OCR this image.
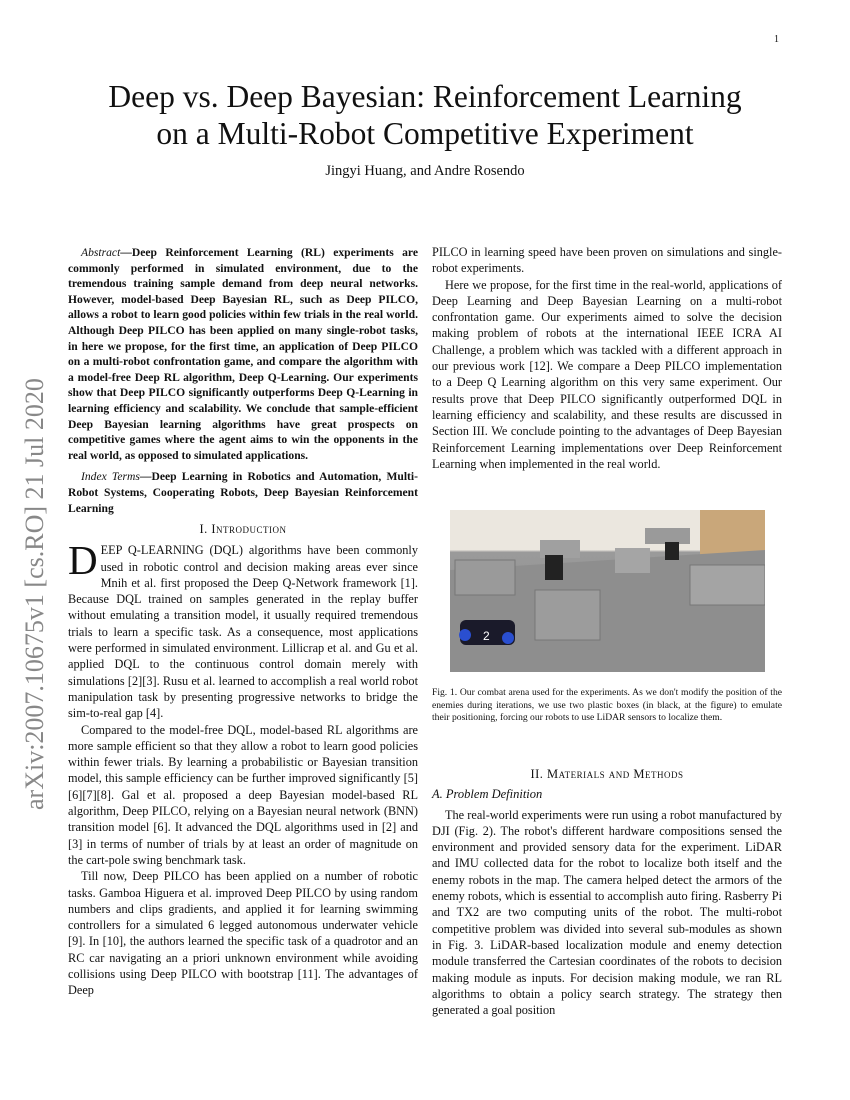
1
arXiv:2007.10675v1 [cs.RO] 21 Jul 2020
Deep vs. Deep Bayesian: Reinforcement Learning
on a Multi-Robot Competitive Experiment
Jingyi Huang, and Andre Rosendo

Abstract—Deep Reinforcement Learning (RL) experiments are commonly performed in simulated environment, due to the tremendous training sample demand from deep neural networks. However, model-based Deep Bayesian RL, such as Deep PILCO, allows a robot to learn good policies within few trials in the real world. Although Deep PILCO has been applied on many single-robot tasks, in here we propose, for the first time, an application of Deep PILCO on a multi-robot confrontation game, and compare the algorithm with a model-free Deep RL algorithm, Deep Q-Learning. Our experiments show that Deep PILCO significantly outperforms Deep Q-Learning in learning efficiency and scalability. We conclude that sample-efficient Deep Bayesian learning algorithms have great prospects on competitive games where the agent aims to win the opponents in the real world, as opposed to simulated applications.

Index Terms—Deep Learning in Robotics and Automation, Multi-Robot Systems, Cooperating Robots, Deep Bayesian Reinforcement Learning

I. Introduction

DEEP Q-LEARNING (DQL) algorithms have been commonly used in robotic control and decision making areas ever since Mnih et al. first proposed the Deep Q-Network framework [1]. Because DQL trained on samples generated in the replay buffer without emulating a transition model, it usually required tremendous trials to learn a specific task. As a consequence, most applications were performed in simulated environment. Lillicrap et al. and Gu et al. applied DQL to the continuous control domain merely with simulations [2][3]. Rusu et al. learned to accomplish a real world robot manipulation task by presenting progressive networks to bridge the sim-to-real gap [4].

Compared to the model-free DQL, model-based RL algorithms are more sample efficient so that they allow a robot to learn good policies within fewer trials. By learning a probabilistic or Bayesian transition model, this sample efficiency can be further improved significantly [5][6][7][8]. Gal et al. proposed a deep Bayesian model-based RL algorithm, Deep PILCO, relying on a Bayesian neural network (BNN) transition model [6]. It advanced the DQL algorithms used in [2] and [3] in terms of number of trials by at least an order of magnitude on the cart-pole swing benchmark task.

Till now, Deep PILCO has been applied on a number of robotic tasks. Gamboa Higuera et al. improved Deep PILCO by using random numbers and clips gradients, and applied it for learning swimming controllers for a simulated 6 legged autonomous underwater vehicle [9]. In [10], the authors learned the specific task of a quadrotor and an RC car navigating an a priori unknown environment while avoiding collisions using Deep PILCO with bootstrap [11]. The advantages of Deep

PILCO in learning speed have been proven on simulations and single-robot experiments.

Here we propose, for the first time in the real-world, applications of Deep Learning and Deep Bayesian Learning on a multi-robot confrontation game. Our experiments aimed to solve the decision making problem of robots at the international IEEE ICRA AI Challenge, a problem which was tackled with a different approach in our previous work [12]. We compare a Deep PILCO implementation to a Deep Q Learning algorithm on this very same experiment. Our results prove that Deep PILCO significantly outperformed DQL in learning efficiency and scalability, and these results are discussed in Section III. We conclude pointing to the advantages of Deep Bayesian Reinforcement Learning implementations over Deep Reinforcement Learning when implemented in the real world.

2
Fig. 1. Our combat arena used for the experiments. As we don't modify the position of the enemies during iterations, we use two plastic boxes (in black, at the figure) to emulate their positioning, forcing our robots to use LiDAR sensors to localize them.
II. Materials and Methods
A. Problem Definition

The real-world experiments were run using a robot manufactured by DJI (Fig. 2). The robot's different hardware compositions sensed the environment and provided sensory data for the experiment. LiDAR and IMU collected data for the robot to localize both itself and the enemy robots in the map. The camera helped detect the armors of the enemy robots, which is essential to accomplish auto firing. Rasberry Pi and TX2 are two computing units of the robot. The multi-robot competitive problem was divided into several sub-modules as shown in Fig. 3. LiDAR-based localization module and enemy detection module transferred the Cartesian coordinates of the robots to decision making module as inputs. For decision making module, we ran RL algorithms to obtain a policy search strategy. The strategy then generated a goal position
